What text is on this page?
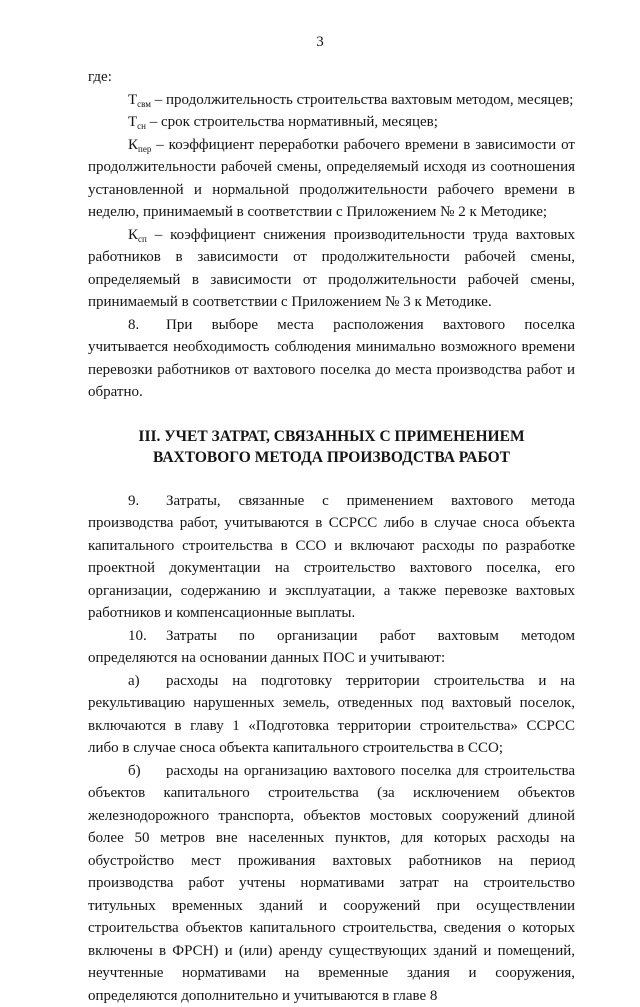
3

где:

$Т_{свм}$ – продолжительность строительства вахтовым методом, месяцев;

$Т_{сн}$ – срок строительства нормативный, месяцев;

$К_{пер}$ – коэффициент переработки рабочего времени в зависимости от продолжительности рабочей смены, определяемый исходя из соотношения установленной и нормальной продолжительности рабочего времени в неделю, принимаемый в соответствии с Приложением № 2 к Методике;

$К_{сп}$ – коэффициент снижения производительности труда вахтовых работников в зависимости от продолжительности рабочей смены, определяемый в зависимости от продолжительности рабочей смены, принимаемый в соответствии с Приложением № 3 к Методике.

8. При выборе места расположения вахтового поселка учитывается необходимость соблюдения минимально возможного времени перевозки работников от вахтового поселка до места производства работ и обратно.

III. УЧЕТ ЗАТРАТ, СВЯЗАННЫХ С ПРИМЕНЕНИЕМ ВАХТОВОГО МЕТОДА ПРОИЗВОДСТВА РАБОТ

9. Затраты, связанные с применением вахтового метода производства работ, учитываются в ССРСС либо в случае сноса объекта капитального строительства в ССО и включают расходы по разработке проектной документации на строительство вахтового поселка, его организации, содержанию и эксплуатации, а также перевозке вахтовых работников и компенсационные выплаты.

10. Затраты по организации работ вахтовым методом определяются на основании данных ПОС и учитывают:

а) расходы на подготовку территории строительства и на рекультивацию нарушенных земель, отведенных под вахтовый поселок, включаются в главу 1 «Подготовка территории строительства» ССРСС либо в случае сноса объекта капитального строительства в ССО;

б) расходы на организацию вахтового поселка для строительства объектов капитального строительства (за исключением объектов железнодорожного транспорта, объектов мостовых сооружений длиной более 50 метров вне населенных пунктов, для которых расходы на обустройство мест проживания вахтовых работников на период производства работ учтены нормативами затрат на строительство титульных временных зданий и сооружений при осуществлении строительства объектов капитального строительства, сведения о которых включены в ФРСН) и (или) аренду существующих зданий и помещений, неучтенные нормативами на временные здания и сооружения, определяются дополнительно и учитываются в главе 8
